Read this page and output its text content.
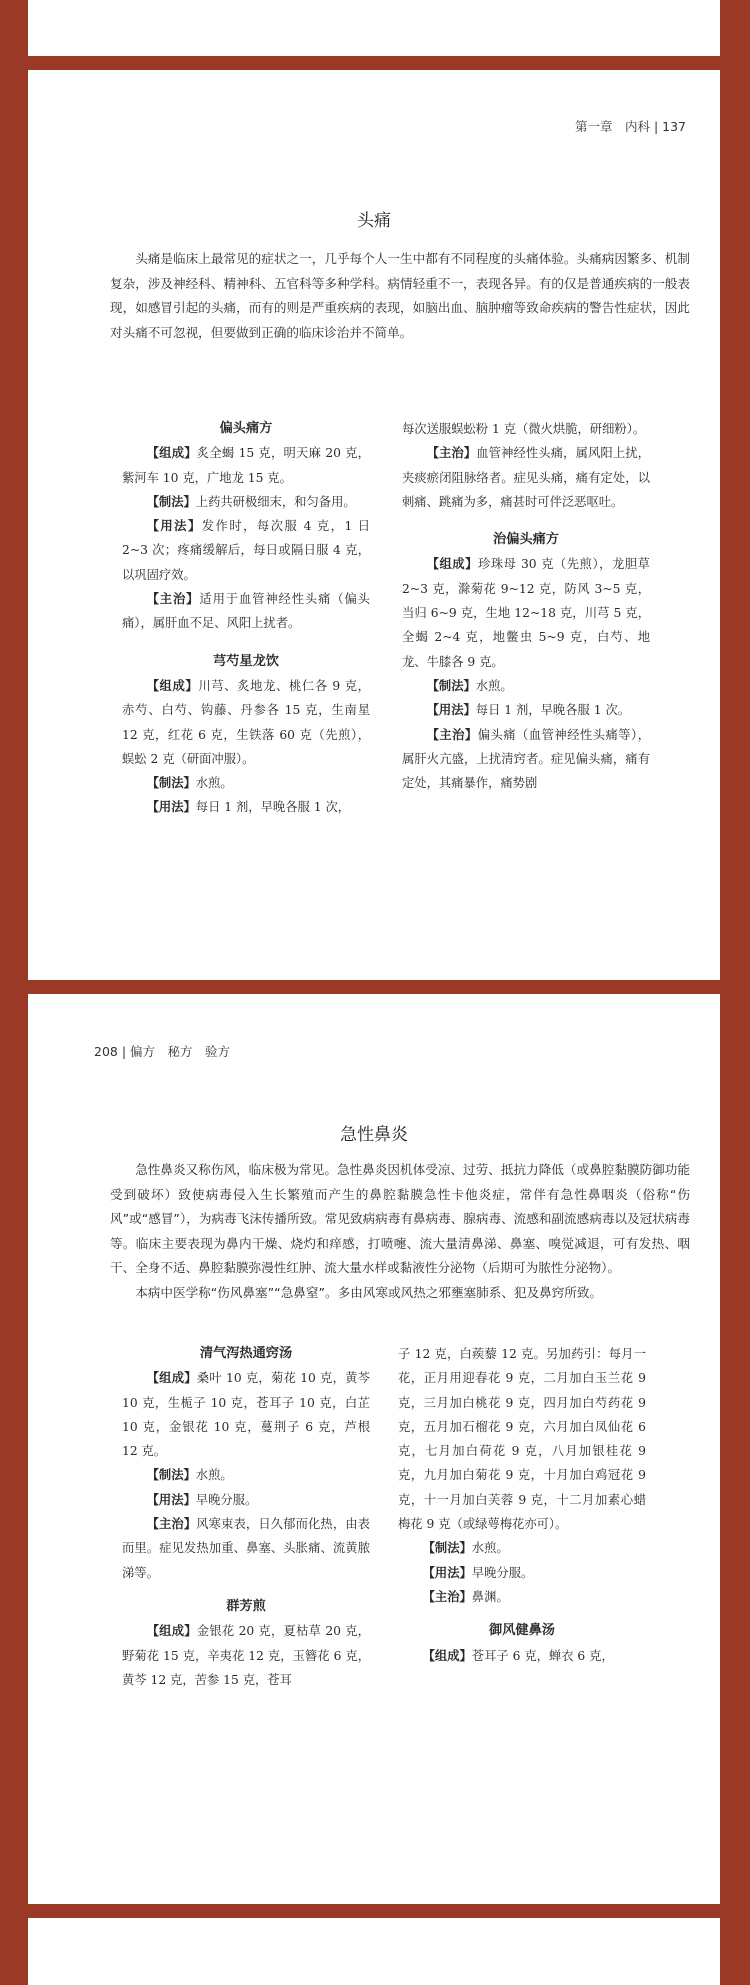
第一章　内科 | 137
头痛

头痛是临床上最常见的症状之一，几乎每个人一生中都有不同程度的头痛体验。头痛病因繁多、机制复杂，涉及神经科、精神科、五官科等多种学科。病情轻重不一，表现各异。有的仅是普通疾病的一般表现，如感冒引起的头痛，而有的则是严重疾病的表现，如脑出血、脑肿瘤等致命疾病的警告性症状，因此对头痛不可忽视，但要做到正确的临床诊治并不简单。

偏头痛方

【组成】炙全蝎 15 克，明天麻 20 克，紫河车 10 克，广地龙 15 克。

【制法】上药共研极细末，和匀备用。

【用法】发作时，每次服 4 克，1 日 2~3 次；疼痛缓解后，每日或隔日服 4 克，以巩固疗效。

【主治】适用于血管神经性头痛（偏头痛），属肝血不足、风阳上扰者。

芎芍星龙饮

【组成】川芎、炙地龙、桃仁各 9 克，赤芍、白芍、钩藤、丹参各 15 克，生南星 12 克，红花 6 克，生铁落 60 克（先煎），蜈蚣 2 克（研面冲服）。

【制法】水煎。

【用法】每日 1 剂，早晚各服 1 次，

每次送服蜈蚣粉 1 克（微火烘脆，研细粉）。

【主治】血管神经性头痛，属风阳上扰，夹痰瘀闭阻脉络者。症见头痛，痛有定处，以刺痛、跳痛为多，痛甚时可伴泛恶呕吐。

治偏头痛方

【组成】珍珠母 30 克（先煎），龙胆草 2~3 克，滁菊花 9~12 克，防风 3~5 克，当归 6~9 克，生地 12~18 克，川芎 5 克，全蝎 2~4 克，地鳖虫 5~9 克，白芍、地龙、牛膝各 9 克。

【制法】水煎。

【用法】每日 1 剂，早晚各服 1 次。

【主治】偏头痛（血管神经性头痛等），属肝火亢盛，上扰清窍者。症见偏头痛，痛有定处，其痛暴作，痛势剧

208 | 偏方　秘方　验方
急性鼻炎

急性鼻炎又称伤风，临床极为常见。急性鼻炎因机体受凉、过劳、抵抗力降低（或鼻腔黏膜防御功能受到破坏）致使病毒侵入生长繁殖而产生的鼻腔黏膜急性卡他炎症，常伴有急性鼻咽炎（俗称“伤风”或“感冒”），为病毒飞沫传播所致。常见致病病毒有鼻病毒、腺病毒、流感和副流感病毒以及冠状病毒等。临床主要表现为鼻内干燥、烧灼和痒感，打喷嚏、流大量清鼻涕、鼻塞、嗅觉减退，可有发热、咽干、全身不适、鼻腔黏膜弥漫性红肿、流大量水样或黏液性分泌物（后期可为脓性分泌物）。

本病中医学称“伤风鼻塞”“急鼻窒”。多由风寒或风热之邪壅塞肺系、犯及鼻窍所致。

清气泻热通窍汤

【组成】桑叶 10 克，菊花 10 克，黄芩 10 克，生栀子 10 克，苍耳子 10 克，白芷 10 克，金银花 10 克，蔓荆子 6 克，芦根 12 克。

【制法】水煎。

【用法】早晚分服。

【主治】风寒束表，日久郁而化热，由表而里。症见发热加重、鼻塞、头胀痛、流黄脓涕等。

群芳煎

【组成】金银花 20 克，夏枯草 20 克，野菊花 15 克，辛夷花 12 克，玉簪花 6 克，黄芩 12 克，苦参 15 克，苍耳

子 12 克，白蒺藜 12 克。另加药引：每月一花，正月用迎春花 9 克，二月加白玉兰花 9 克，三月加白桃花 9 克，四月加白芍药花 9 克，五月加石榴花 9 克，六月加白凤仙花 6 克，七月加白荷花 9 克，八月加银桂花 9 克，九月加白菊花 9 克，十月加白鸡冠花 9 克，十一月加白芙蓉 9 克，十二月加素心蜡梅花 9 克（或绿萼梅花亦可）。

【制法】水煎。

【用法】早晚分服。

【主治】鼻渊。

御风健鼻汤

【组成】苍耳子 6 克，蝉衣 6 克，
